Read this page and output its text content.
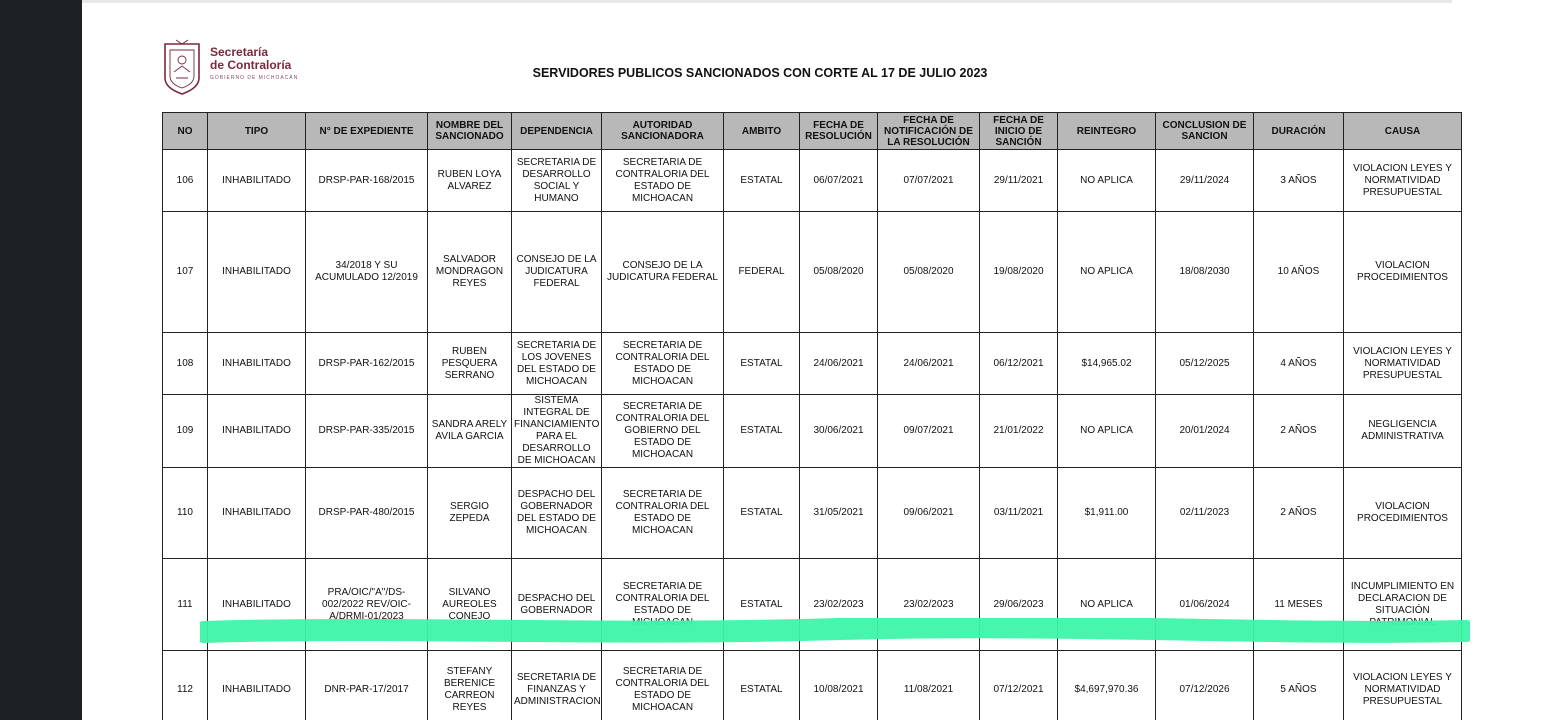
Secretaría
de Contraloría
GOBIERNO DE MICHOACÁN	SERVIDORES PUBLICOS SANCIONADOS CON CORTE AL 17 DE JULIO 2023
NO	TIPO	N° DE EXPEDIENTE	NOMBRE DEL SANCIONADO	DEPENDENCIA	AUTORIDAD SANCIONADORA	AMBITO	FECHA DE RESOLUCIÓN	FECHA DE NOTIFICACIÓN DE LA RESOLUCIÓN	FECHA DE INICIO DE SANCIÓN	REINTEGRO	CONCLUSION DE SANCION	DURACIÓN	CAUSA
106	INHABILITADO	DRSP-PAR-168/2015	RUBEN LOYA ALVAREZ	SECRETARIA DE DESARROLLO SOCIAL Y HUMANO	SECRETARIA DE CONTRALORIA DEL ESTADO DE MICHOACAN	ESTATAL	06/07/2021	07/07/2021	29/11/2021	NO APLICA	29/11/2024	3 AÑOS	VIOLACION LEYES Y NORMATIVIDAD PRESUPUESTAL
107	INHABILITADO	34/2018 Y SU ACUMULADO 12/2019	SALVADOR MONDRAGON REYES	CONSEJO DE LA JUDICATURA FEDERAL	CONSEJO DE LA JUDICATURA FEDERAL	FEDERAL	05/08/2020	05/08/2020	19/08/2020	NO APLICA	18/08/2030	10 AÑOS	VIOLACION PROCEDIMIENTOS
108	INHABILITADO	DRSP-PAR-162/2015	RUBEN PESQUERA SERRANO	SECRETARIA DE LOS JOVENES DEL ESTADO DE MICHOACAN	SECRETARIA DE CONTRALORIA DEL ESTADO DE MICHOACAN	ESTATAL	24/06/2021	24/06/2021	06/12/2021	$14,965.02	05/12/2025	4 AÑOS	VIOLACION LEYES Y NORMATIVIDAD PRESUPUESTAL
109	INHABILITADO	DRSP-PAR-335/2015	SANDRA ARELY AVILA GARCIA	SISTEMA INTEGRAL DE FINANCIAMIENTO PARA EL DESARROLLO DE MICHOACAN	SECRETARIA DE CONTRALORIA DEL GOBIERNO DEL ESTADO DE MICHOACAN	ESTATAL	30/06/2021	09/07/2021	21/01/2022	NO APLICA	20/01/2024	2 AÑOS	NEGLIGENCIA ADMINISTRATIVA
110	INHABILITADO	DRSP-PAR-480/2015	SERGIO ZEPEDA	DESPACHO DEL GOBERNADOR DEL ESTADO DE MICHOACAN	SECRETARIA DE CONTRALORIA DEL ESTADO DE MICHOACAN	ESTATAL	31/05/2021	09/06/2021	03/11/2021	$1,911.00	02/11/2023	2 AÑOS	VIOLACION PROCEDIMIENTOS
111	INHABILITADO	PRA/OIC/"A"/DS-002/2022 REV/OIC-A/DRMI-01/2023	SILVANO AUREOLES CONEJO	DESPACHO DEL GOBERNADOR	SECRETARIA DE CONTRALORIA DEL ESTADO DE MICHOACAN	ESTATAL	23/02/2023	23/02/2023	29/06/2023	NO APLICA	01/06/2024	11 MESES	INCUMPLIMIENTO EN DECLARACION DE SITUACIÓN PATRIMONIAL
112	INHABILITADO	DNR-PAR-17/2017	STEFANY BERENICE CARREON REYES	SECRETARIA DE FINANZAS Y ADMINISTRACION	SECRETARIA DE CONTRALORIA DEL ESTADO DE MICHOACAN	ESTATAL	10/08/2021	11/08/2021	07/12/2021	$4,697,970.36	07/12/2026	5 AÑOS	VIOLACION LEYES Y NORMATIVIDAD PRESUPUESTAL
